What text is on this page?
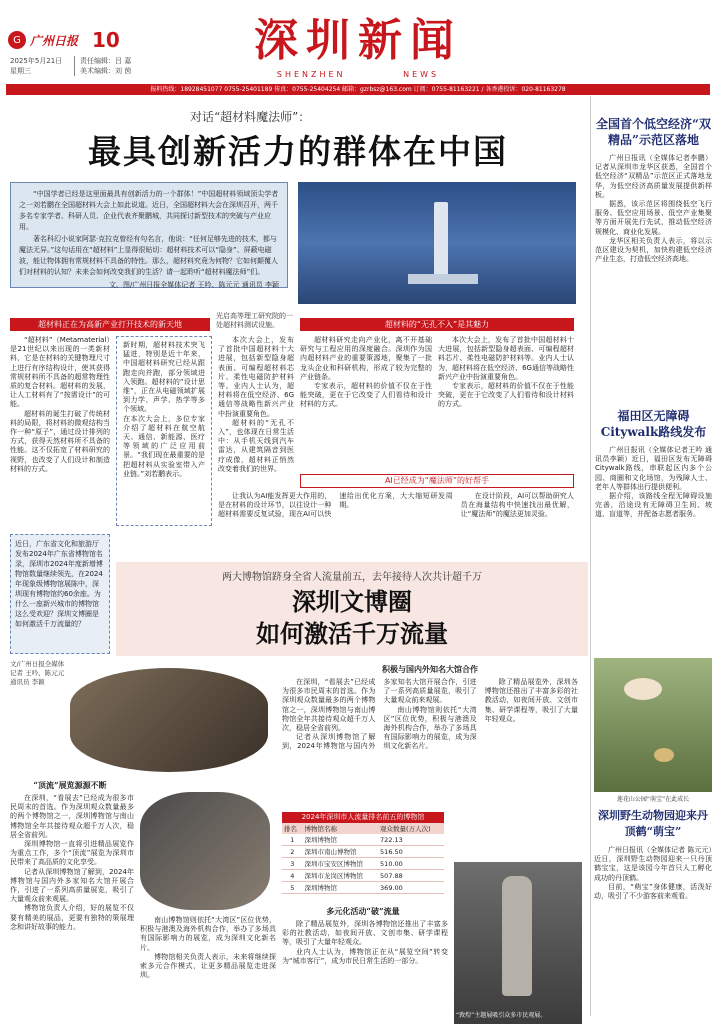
G 广州日报 10
2025年5月21日
星期三
责任编辑：吕 嘉
美术编辑：刘 茵
深圳新闻
SHENZHEN	NEWS
报料热线：18928451077 0755-25401189 传真：0755-25404254 邮箱：gzrbsz@163.com 订阅：0755-81163221 / 各香港投诉：020-81163278
对话“超材料魔法师”：
最具创新活力的群体在中国

“中国学者已经是这里面最具有创新活力的一个群体！”中国超材料领域顶尖学者之一刘若鹏在全国超材料大会上如此说道。近日，全国超材料大会在深圳召开，两千多名专家学者、科研人员、企业代表齐聚鹏城，共同探讨新型技术的突破与产业应用。

著名科幻小说家阿瑟·克拉克曾经有句名言，他说：“任何足够先进的技术，都与魔法无异。”这句话用在“超材料”上显得很贴切：超材料技术可以“隐身”、屏蔽电磁波，能让物体拥有常规材料不具备的特性。那么，超材料究竟为何物？它如何颠覆人们对材料的认知？未来会如何改变我们的生活？请一起聆听“超材料魔法师”们。

文、图/广州日报全媒体记者 王吟、陈元元 通讯员 李颖
光启高等理工研究院的一处超材料测试设施。
超材料正在为高新产业打开技术的新天地	超材料的“无孔不入”是其魅力

“超材料”（Metamaterial）是21世纪以来出现的一类新材料，它是在材料的关键物理尺寸上进行有序结构设计，使其获得常规材料所不具备的超常物理性质的复合材料。超材料的发展，让人工材料有了“按需设计”的可能。

超材料的诞生打破了传统材料的局限，将材料的微观结构当作一种“原子”，通过设计排列的方式，获得天然材料所不具备的性能。这不仅拓宽了材料研究的视野，也改变了人们设计和制造材料的方式。

新时期，超材料技术突飞猛进，特别是近十年来，中国超材料研究已经从跟跑走向并跑，部分领域进入领跑。超材料的“设计思维”，正在从电磁领域扩展到力学、声学、热学等多个领域。

在本次大会上，多位专家介绍了超材料在航空航天、通信、新能源、医疗等领域的广泛应用前景。“我们现在最重要的是把超材料从实验室带入产业链。”刘若鹏表示。

本次大会上，发布了首批中国超材料十大进展，包括新型隐身超表面、可编程超材料芯片、柔性电磁防护材料等。业内人士认为，超材料将在低空经济、6G通信等战略性新兴产业中扮演重要角色。

超材料的“无孔不入”，也体现在日常生活中：从手机天线到汽车雷达，从建筑隔音到医疗成像，超材料正悄然改变着我们的世界。

超材料研究走向产业化，离不开基础研究与工程应用的深度融合。深圳作为国内超材料产业的重要策源地，聚集了一批龙头企业和科研机构，形成了较为完整的产业链条。

专家表示，超材料的价值不仅在于性能突破，更在于它改变了人们看待和设计材料的方式。

本次大会上，发布了首批中国超材料十大进展，包括新型隐身超表面、可编程超材料芯片、柔性电磁防护材料等。业内人士认为，超材料将在低空经济、6G通信等战略性新兴产业中扮演重要角色。

专家表示，超材料的价值不仅在于性能突破，更在于它改变了人们看待和设计材料的方式。

AI已经成为“魔法师”的好帮手

让我认为AI能发挥更大作用的，是在材料的设计环节，以往设计一种超材料需要反复试验，现在AI可以快速给出优化方案，大大缩短研发周期。

在设计阶段，AI可以帮助研究人员在海量结构中快速找出最优解，让“魔法师”的魔法更加灵验。

近日，广东省文化和旅游厅发布2024年广东省博物馆名录，深圳市2024年度新增博物馆数量继续领先，在2024年现象级博物馆展陈中，深圳现有博物馆约60余座。为什么一座新兴城市的博物馆这么受欢迎？深圳文博圈是如何激活千万流量的？
两大博物馆跻身全省人流量前五，去年接待人次共计超千万
深圳文博圈
如何激活千万流量
文/广州日报全媒体记者 王吟、陈元元 通讯员 李颖
“顶流”展览源源不断

在深圳，“看展去”已经成为很多市民周末的首选。作为深圳观众数量最多的两个博物馆之一，深圳博物馆与南山博物馆全年共接待观众超千万人次，稳居全省前列。

深圳博物馆一直将引进精品展览作为重点工作，多个“顶流”展览为深圳市民带来了高品质的文化享受。

记者从深圳博物馆了解到，2024年博物馆与国内外多家知名大馆开展合作，引进了一系列高质量展览，吸引了大量观众前来观展。

博物馆负责人介绍，好的展览不仅要有精美的展品，更要有独特的策展理念和讲好故事的能力。

南山博物馆则依托“大湾区”区位优势，积极与港澳及海外机构合作，举办了多场具有国际影响力的展览，成为深圳文化新名片。

博物馆相关负责人表示，未来将继续探索多元合作模式，让更多精品展览走进深圳。

积极与国内外知名大馆合作

在深圳，“看展去”已经成为很多市民周末的首选。作为深圳观众数量最多的两个博物馆之一，深圳博物馆与南山博物馆全年共接待观众超千万人次，稳居全省前列。

记者从深圳博物馆了解到，2024年博物馆与国内外多家知名大馆开展合作，引进了一系列高质量展览，吸引了大量观众前来观展。

南山博物馆则依托“大湾区”区位优势，积极与港澳及海外机构合作，举办了多场具有国际影响力的展览，成为深圳文化新名片。

除了精品展览外，深圳各博物馆还推出了丰富多彩的社教活动，如夜间开放、文创市集、研学课程等，吸引了大量年轻观众。

2024年深圳市人流量排名前五的博物馆
排名	博物馆名称	观众数量(万人次)
1	深圳博物馆	722.13
2	深圳市南山博物馆	516.50
3	深圳市宝安区博物馆	510.00
4	深圳市龙岗区博物馆	507.88
5	深圳博物馆	369.00
多元化活动“破”流量

除了精品展览外，深圳各博物馆还推出了丰富多彩的社教活动，如夜间开放、文创市集、研学课程等，吸引了大量年轻观众。

业内人士认为，博物馆正在从“展览空间”转变为“城市客厅”，成为市民日常生活的一部分。

“敦煌”主题展吸引众多市民观展。
全国首个低空经济“双精品”示范区落地

广州日报讯（全媒体记者李鹏）记者从深圳市龙华区获悉，全国首个低空经济“双精品”示范区正式落地龙华，为低空经济高质量发展提供新样板。

据悉，该示范区将围绕低空飞行服务、低空应用场景、低空产业集聚等方面开展先行先试，推动低空经济规模化、商业化发展。

龙华区相关负责人表示，将以示范区建设为契机，加快构建低空经济产业生态，打造低空经济高地。

福田区无障碍Citywalk路线发布

广州日报讯（全媒体记者王吟 通讯员李颖）近日，福田区发布无障碍Citywalk路线，串联起区内多个公园、商圈和文化场馆，为残障人士、老年人等群体出行提供便利。

据介绍，该路线全程无障碍设施完善，沿途设有无障碍卫生间、坡道、盲道等，并配备志愿者服务。

莲花山公园“萌宝”在此成长
深圳野生动物园迎来丹顶鹤“萌宝”

广州日报讯（全媒体记者 陈元元）近日，深圳野生动物园迎来一只丹顶鹤宝宝，这是该园今年首只人工孵化成功的丹顶鹤。

目前，“萌宝”身体健康，活泼好动，吸引了不少游客前来观看。
